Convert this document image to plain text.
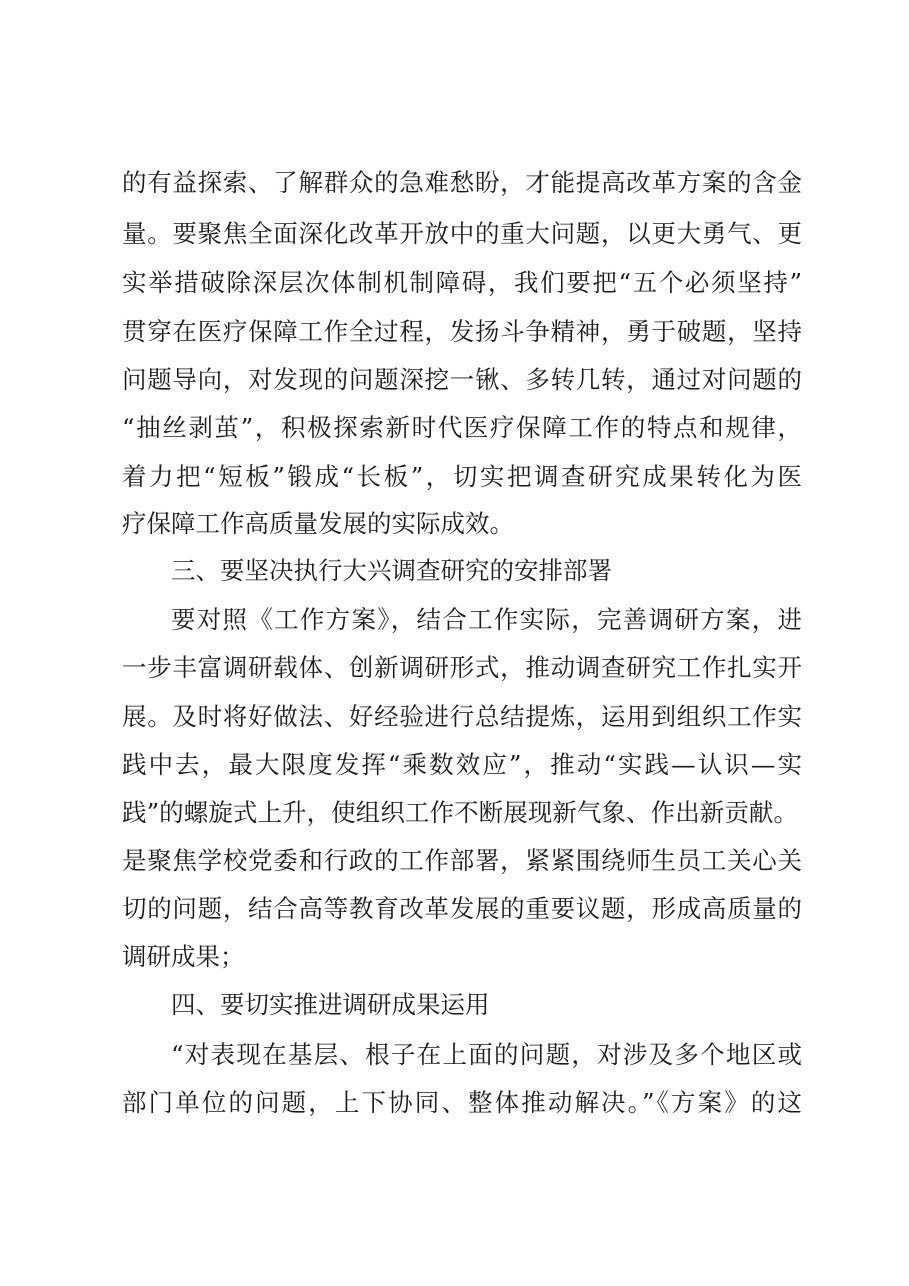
的有益探索、了解群众的急难愁盼，才能提高改革方案的含金
量。要聚焦全面深化改革开放中的重大问题，以更大勇气、更
实举措破除深层次体制机制障碍，我们要把“五个必须坚持”
贯穿在医疗保障工作全过程，发扬斗争精神，勇于破题，坚持
问题导向，对发现的问题深挖一锹、多转几转，通过对问题的
“抽丝剥茧”，积极探索新时代医疗保障工作的特点和规律，
着力把“短板”锻成“长板”，切实把调查研究成果转化为医
疗保障工作高质量发展的实际成效。
三、要坚决执行大兴调查研究的安排部署
要对照《工作方案》，结合工作实际，完善调研方案，进
一步丰富调研载体、创新调研形式，推动调查研究工作扎实开
展。及时将好做法、好经验进行总结提炼，运用到组织工作实
践中去，最大限度发挥“乘数效应”，推动“实践—认识—实
践”的螺旋式上升，使组织工作不断展现新气象、作出新贡献。
是聚焦学校党委和行政的工作部署，紧紧围绕师生员工关心关
切的问题，结合高等教育改革发展的重要议题，形成高质量的
调研成果；
四、要切实推进调研成果运用
“对表现在基层、根子在上面的问题，对涉及多个地区或
部门单位的问题，上下协同、整体推动解决。”《方案》的这
